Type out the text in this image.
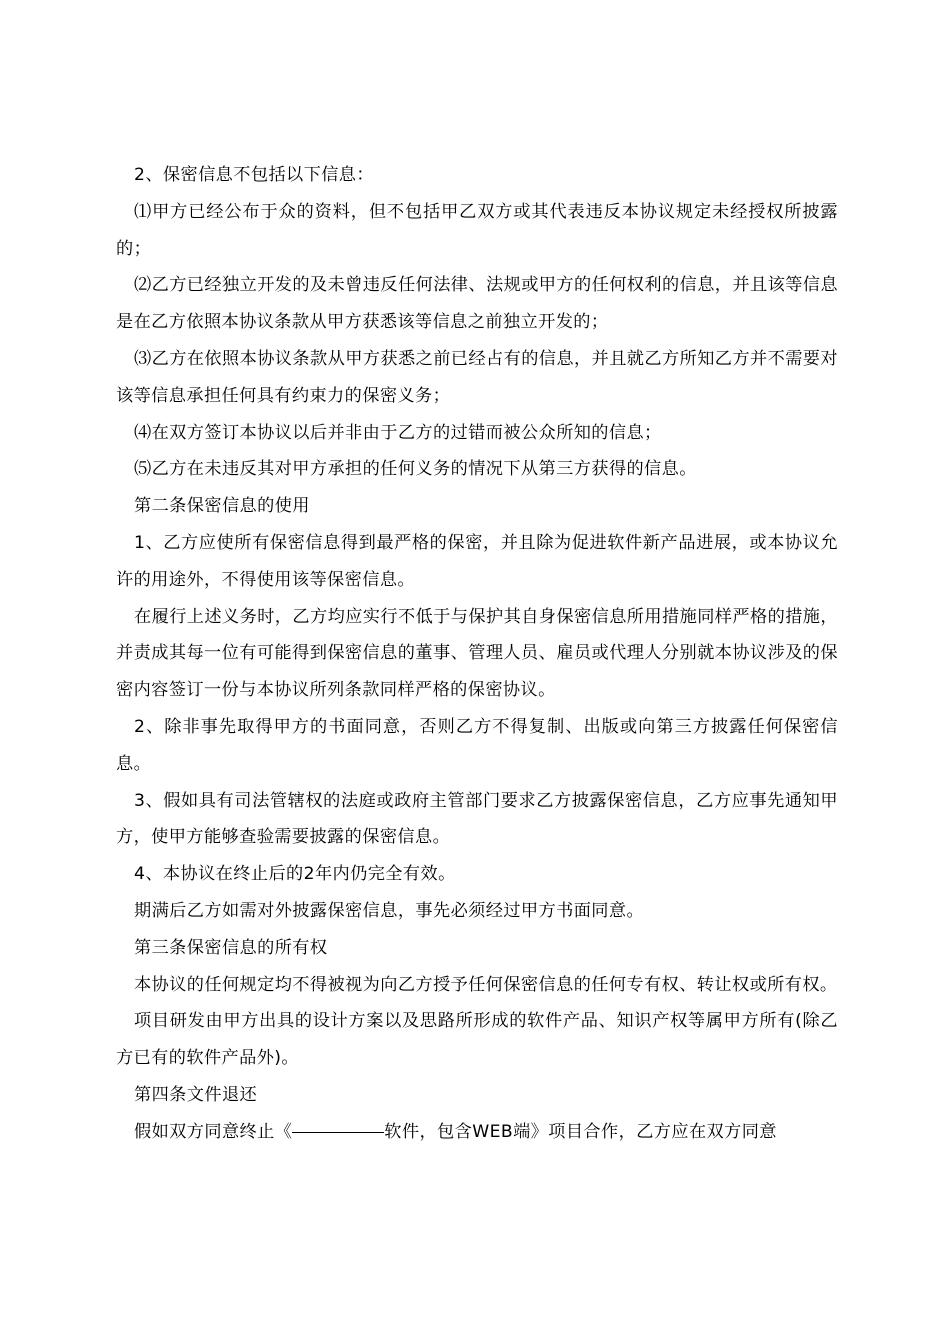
2、保密信息不包括以下信息：

⑴甲方已经公布于众的资料，但不包括甲乙双方或其代表违反本协议规定未经授权所披露的；

⑵乙方已经独立开发的及未曾违反任何法律、法规或甲方的任何权利的信息，并且该等信息是在乙方依照本协议条款从甲方获悉该等信息之前独立开发的；

⑶乙方在依照本协议条款从甲方获悉之前已经占有的信息，并且就乙方所知乙方并不需要对该等信息承担任何具有约束力的保密义务；

⑷在双方签订本协议以后并非由于乙方的过错而被公众所知的信息；

⑸乙方在未违反其对甲方承担的任何义务的情况下从第三方获得的信息。

第二条保密信息的使用

1、乙方应使所有保密信息得到最严格的保密，并且除为促进软件新产品进展，或本协议允许的用途外，不得使用该等保密信息。

在履行上述义务时，乙方均应实行不低于与保护其自身保密信息所用措施同样严格的措施，并责成其每一位有可能得到保密信息的董事、管理人员、雇员或代理人分别就本协议涉及的保密内容签订一份与本协议所列条款同样严格的保密协议。

2、除非事先取得甲方的书面同意，否则乙方不得复制、出版或向第三方披露任何保密信息。

3、假如具有司法管辖权的法庭或政府主管部门要求乙方披露保密信息，乙方应事先通知甲方，使甲方能够查验需要披露的保密信息。

4、本协议在终止后的2年内仍完全有效。

期满后乙方如需对外披露保密信息，事先必须经过甲方书面同意。

第三条保密信息的所有权

本协议的任何规定均不得被视为向乙方授予任何保密信息的任何专有权、转让权或所有权。

项目研发由甲方出具的设计方案以及思路所形成的软件产品、知识产权等属甲方所有(除乙方已有的软件产品外)。

第四条文件退还

假如双方同意终止《	软件，包含WEB端》项目合作，乙方应在双方同意
